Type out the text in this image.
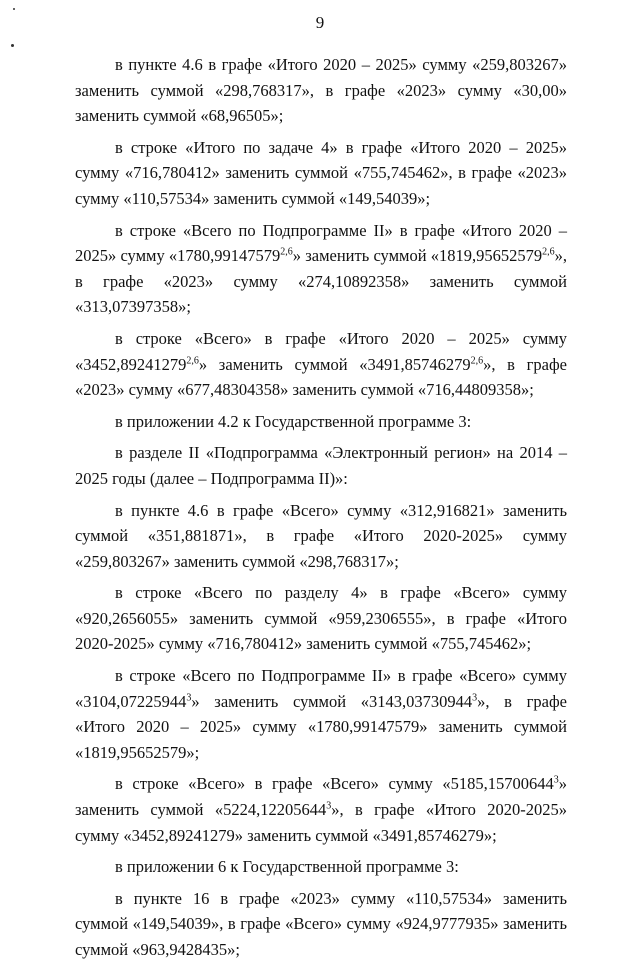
9

в пункте 4.6 в графе «Итого 2020 – 2025» сумму «259,803267» заменить суммой «298,768317», в графе «2023» сумму «30,00» заменить суммой «68,96505»;

в строке «Итого по задаче 4» в графе «Итого 2020 – 2025» сумму «716,780412» заменить суммой «755,745462», в графе «2023» сумму «110,57534» заменить суммой «149,54039»;

в строке «Всего по Подпрограмме II» в графе «Итого 2020 – 2025» сумму «1780,99147579$^{2,6}$» заменить суммой «1819,95652579$^{2,6}$», в графе «2023» сумму «274,10892358» заменить суммой «313,07397358»;

в строке «Всего» в графе «Итого 2020 – 2025» сумму «3452,89241279$^{2,6}$» заменить суммой «3491,85746279$^{2,6}$», в графе «2023» сумму «677,48304358» заменить суммой «716,44809358»;

в приложении 4.2 к Государственной программе 3:

в разделе II «Подпрограмма «Электронный регион» на 2014 – 2025 годы (далее – Подпрограмма II)»:

в пункте 4.6 в графе «Всего» сумму «312,916821» заменить суммой «351,881871», в графе «Итого 2020-2025» сумму «259,803267» заменить суммой «298,768317»;

в строке «Всего по разделу 4» в графе «Всего» сумму «920,2656055» заменить суммой «959,2306555», в графе «Итого 2020-2025» сумму «716,780412» заменить суммой «755,745462»;

в строке «Всего по Подпрограмме II» в графе «Всего» сумму «3104,07225944$^3$» заменить суммой «3143,03730944$^3$», в графе «Итого 2020 – 2025» сумму «1780,99147579» заменить суммой «1819,95652579»;

в строке «Всего» в графе «Всего» сумму «5185,15700644$^3$» заменить суммой «5224,12205644$^3$», в графе «Итого 2020-2025» сумму «3452,89241279» заменить суммой «3491,85746279»;

в приложении 6 к Государственной программе 3:

в пункте 16 в графе «2023» сумму «110,57534» заменить суммой «149,54039», в графе «Всего» сумму «924,9777935» заменить суммой «963,9428435»;
